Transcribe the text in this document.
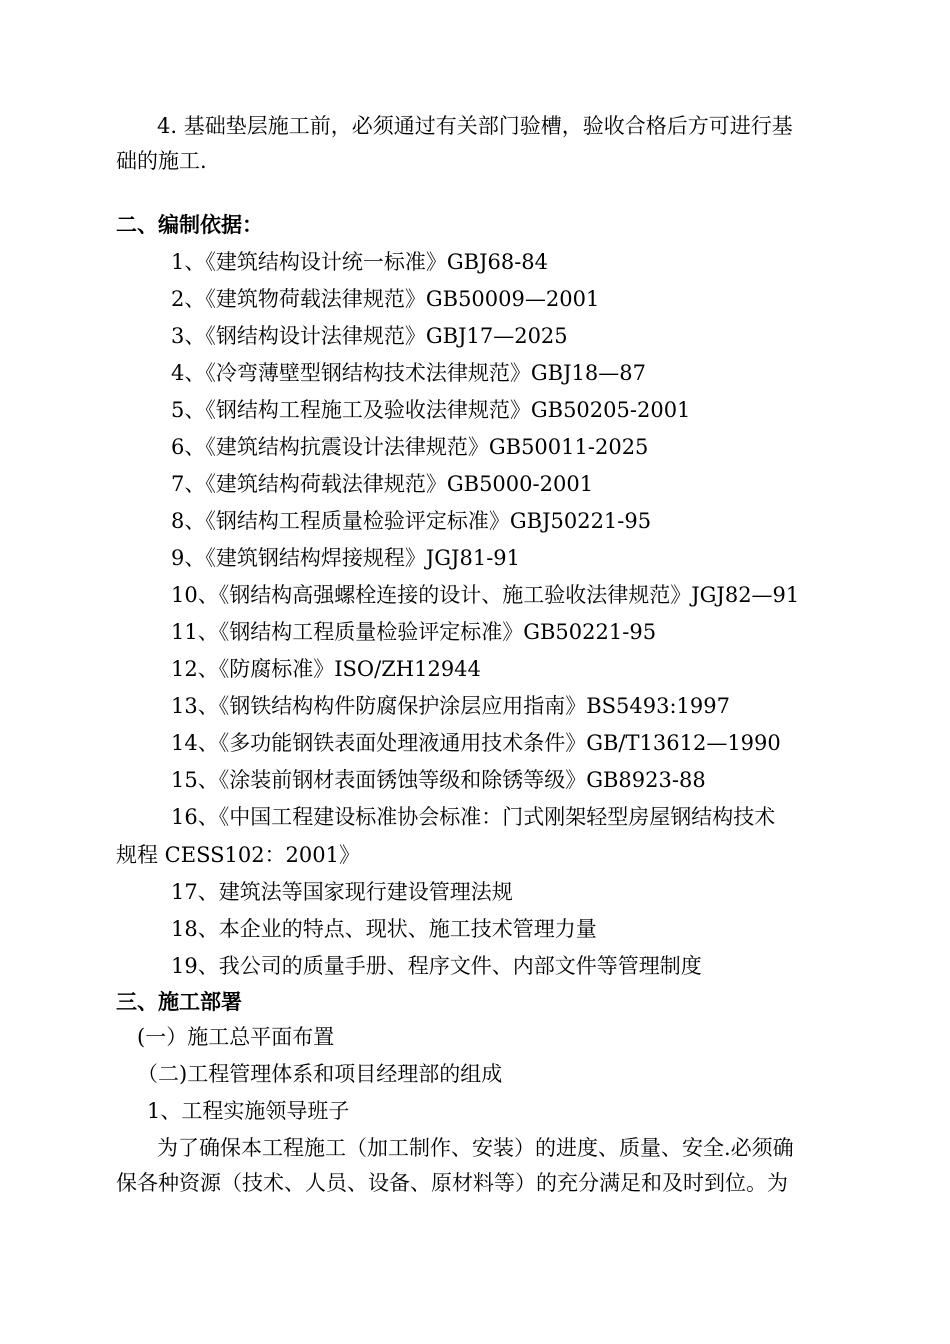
4. 基础垫层施工前，必须通过有关部门验槽，验收合格后方可进行基
础的施工.
二、编制依据：
1、《建筑结构设计统一标准》GBJ68-84
2、《建筑物荷载法律规范》GB50009—2001
3、《钢结构设计法律规范》GBJ17—2025
4、《冷弯薄壁型钢结构技术法律规范》GBJ18—87
5、《钢结构工程施工及验收法律规范》GB50205-2001
6、《建筑结构抗震设计法律规范》GB50011-2025
7、《建筑结构荷载法律规范》GB5000-2001
8、《钢结构工程质量检验评定标准》GBJ50221-95
9、《建筑钢结构焊接规程》JGJ81-91
10、《钢结构高强螺栓连接的设计、施工验收法律规范》JGJ82—91
11、《钢结构工程质量检验评定标准》GB50221-95
12、《防腐标准》ISO/ZH12944
13、《钢铁结构构件防腐保护涂层应用指南》BS5493:1997
14、《多功能钢铁表面处理液通用技术条件》GB/T13612—1990
15、《涂装前钢材表面锈蚀等级和除锈等级》GB8923-88
16、《中国工程建设标准协会标准：门式刚架轻型房屋钢结构技术
规程 CESS102：2001》
17、建筑法等国家现行建设管理法规
18、本企业的特点、现状、施工技术管理力量
19、我公司的质量手册、程序文件、内部文件等管理制度
三、施工部署
(一）施工总平面布置
（二)工程管理体系和项目经理部的组成
1、工程实施领导班子
为了确保本工程施工（加工制作、安装）的进度、质量、安全.必须确
保各种资源（技术、人员、设备、原材料等）的充分满足和及时到位。为
